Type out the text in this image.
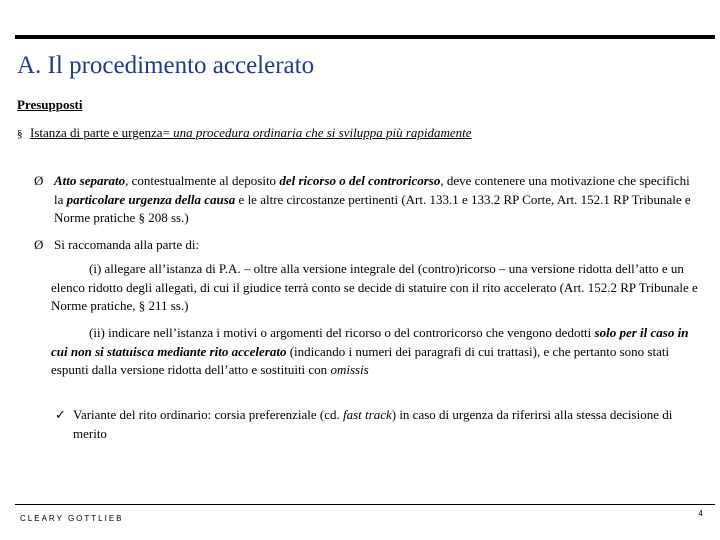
A. Il procedimento accelerato
Presupposti
§ Istanza di parte e urgenza= una procedura ordinaria che si sviluppa più rapidamente
Ø Atto separato, contestualmente al deposito del ricorso o del controricorso, deve contenere una motivazione che specifichi la particolare urgenza della causa e le altre circostanze pertinenti (Art. 133.1 e 133.2 RP Corte, Art. 152.1 RP Tribunale e Norme pratiche § 208 ss.)
Ø Si raccomanda alla parte di:
(i) allegare all’istanza di P.A. – oltre alla versione integrale del (contro)ricorso – una versione ridotta dell’atto e un elenco ridotto degli allegati, di cui il giudice terrà conto se decide di statuire con il rito accelerato (Art. 152.2 RP Tribunale e Norme pratiche, § 211 ss.)
(ii) indicare nell’istanza i motivi o argomenti del ricorso o del controricorso che vengono dedotti solo per il caso in cui non si statuisca mediante rito accelerato (indicando i numeri dei paragrafi di cui trattasi), e che pertanto sono stati espunti dalla versione ridotta dell’atto e sostituiti con omissis
✓ Variante del rito ordinario: corsia preferenziale (cd. fast track) in caso di urgenza da riferirsi alla stessa decisione di merito
CLEARY GOTTLIEB
4
